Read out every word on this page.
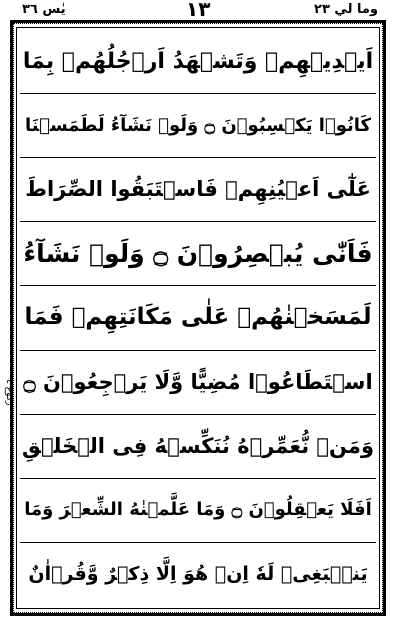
وما لي ٢٣
١٣
يٰس ٣٦
ركوع ٤
اَيۡدِيۡهِمۡ وَتَشۡهَدُ اَرۡجُلُهُمۡ بِمَا
كَانُوۡا يَكۡسِبُوۡنَ ۝ وَلَوۡ نَشَآءُ لَطَمَسۡنَا
عَلٰٓى اَعۡيُنِهِمۡ فَاسۡتَبَقُوا الصِّرَاطَ
فَاَنّٰى يُبۡصِرُوۡنَ ۝ وَلَوۡ نَشَآءُ
لَمَسَخۡنٰهُمۡ عَلٰى مَكَانَتِهِمۡ فَمَا
اسۡتَطَاعُوۡا مُضِيًّا وَّلَا يَرۡجِعُوۡنَ ۝
وَمَنۡ نُّعَمِّرۡهُ نُنَكِّسۡهُ فِى الۡخَلۡقِ
اَفَلَا يَعۡقِلُوۡنَ ۝ وَمَا عَلَّمۡنٰهُ الشِّعۡرَ وَمَا
يَنۡۢبَغِىۡ لَهٗ اِنۡ هُوَ اِلَّا ذِكۡرٌ وَّقُرۡاٰنٌ
